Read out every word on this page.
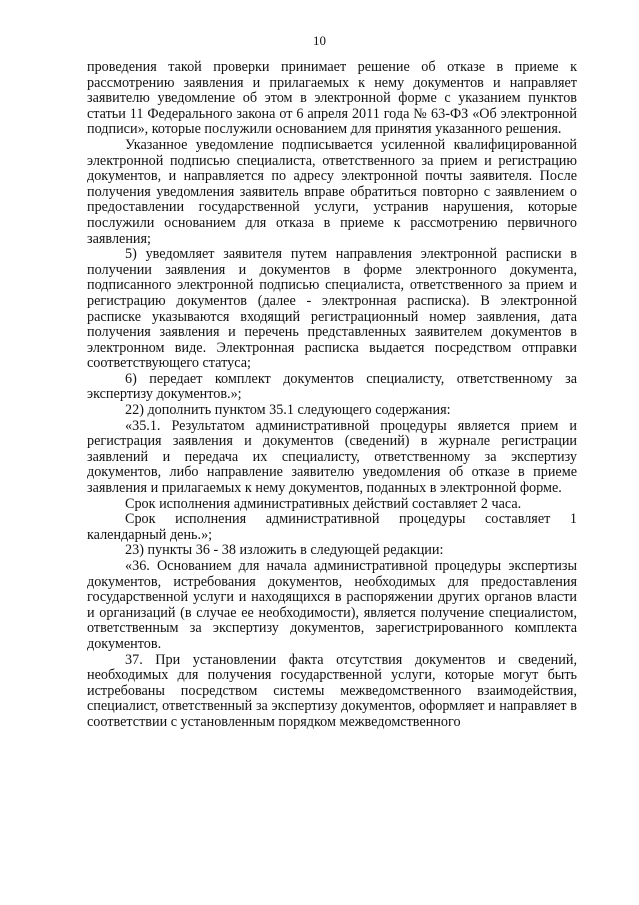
10

проведения такой проверки принимает решение об отказе в приеме к рассмотрению заявления и прилагаемых к нему документов и направляет заявителю уведомление об этом в электронной форме с указанием пунктов статьи 11 Федерального закона от 6 апреля 2011 года № 63-ФЗ «Об электронной подписи», которые послужили основанием для принятия указанного решения.

Указанное уведомление подписывается усиленной квалифицированной электронной подписью специалиста, ответственного за прием и регистрацию документов, и направляется по адресу электронной почты заявителя. После получения уведомления заявитель вправе обратиться повторно с заявлением о предоставлении государственной услуги, устранив нарушения, которые послужили основанием для отказа в приеме к рассмотрению первичного заявления;

5) уведомляет заявителя путем направления электронной расписки в получении заявления и документов в форме электронного документа, подписанного электронной подписью специалиста, ответственного за прием и регистрацию документов (далее - электронная расписка). В электронной расписке указываются входящий регистрационный номер заявления, дата получения заявления и перечень представленных заявителем документов в электронном виде. Электронная расписка выдается посредством отправки соответствующего статуса;

6) передает комплект документов специалисту, ответственному за экспертизу документов.»;

22) дополнить пунктом 35.1 следующего содержания:

«35.1. Результатом административной процедуры является прием и регистрация заявления и документов (сведений) в журнале регистрации заявлений и передача их специалисту, ответственному за экспертизу документов, либо направление заявителю уведомления об отказе в приеме заявления и прилагаемых к нему документов, поданных в электронной форме.

Срок исполнения административных действий составляет 2 часа.

Срок исполнения административной процедуры составляет 1 календарный день.»;

23) пункты 36 - 38 изложить в следующей редакции:

«36. Основанием для начала административной процедуры экспертизы документов, истребования документов, необходимых для предоставления государственной услуги и находящихся в распоряжении других органов власти и организаций (в случае ее необходимости), является получение специалистом, ответственным за экспертизу документов, зарегистрированного комплекта документов.

37. При установлении факта отсутствия документов и сведений, необходимых для получения государственной услуги, которые могут быть истребованы посредством системы межведомственного взаимодействия, специалист, ответственный за экспертизу документов, оформляет и направляет в соответствии с установленным порядком межведомственного
